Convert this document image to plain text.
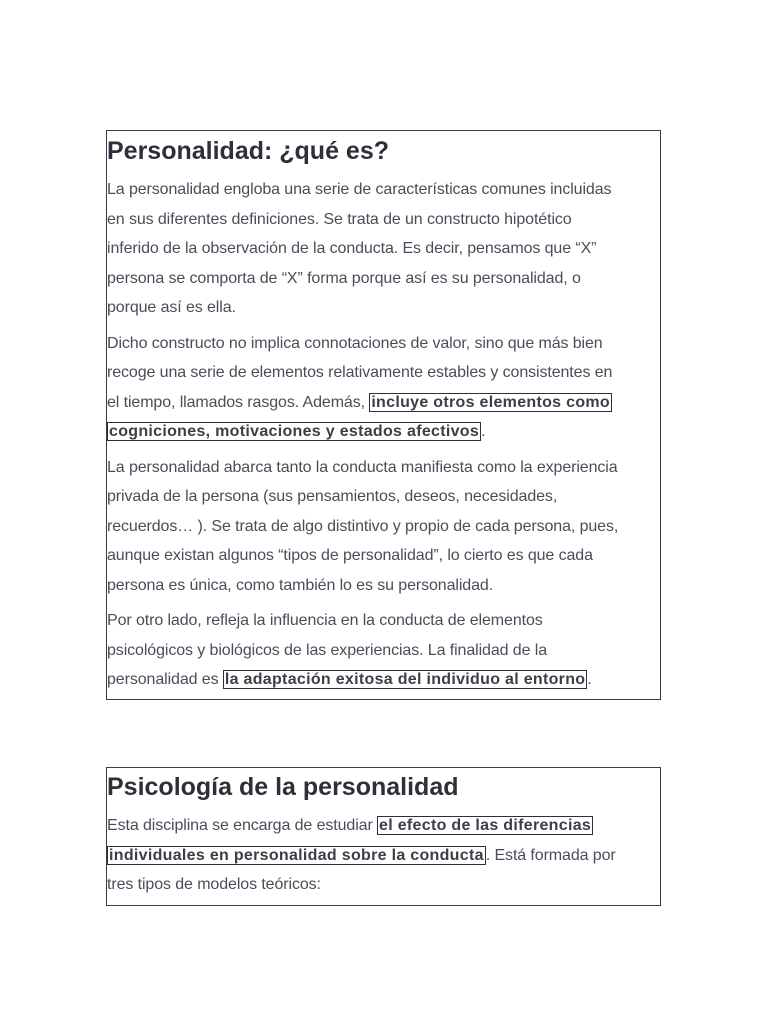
Personalidad: ¿qué es?

La personalidad engloba una serie de características comunes incluidas
en sus diferentes definiciones. Se trata de un constructo hipotético
inferido de la observación de la conducta. Es decir, pensamos que “X”
persona se comporta de “X” forma porque así es su personalidad, o
porque así es ella.

Dicho constructo no implica connotaciones de valor, sino que más bien
recoge una serie de elementos relativamente estables y consistentes en
el tiempo, llamados rasgos. Además, incluye otros elementos como
cogniciones, motivaciones y estados afectivos .

La personalidad abarca tanto la conducta manifiesta como la experiencia
privada de la persona (sus pensamientos, deseos, necesidades,
recuerdos… ). Se trata de algo distintivo y propio de cada persona, pues,
aunque existan algunos “tipos de personalidad”, lo cierto es que cada
persona es única, como también lo es su personalidad.

Por otro lado, refleja la influencia en la conducta de elementos
psicológicos y biológicos de las experiencias. La finalidad de la
personalidad es la adaptación exitosa del individuo al entorno .

Psicología de la personalidad

Esta disciplina se encarga de estudiar el efecto de las diferencias
individuales en personalidad sobre la conducta . Está formada por
tres tipos de modelos teóricos:
